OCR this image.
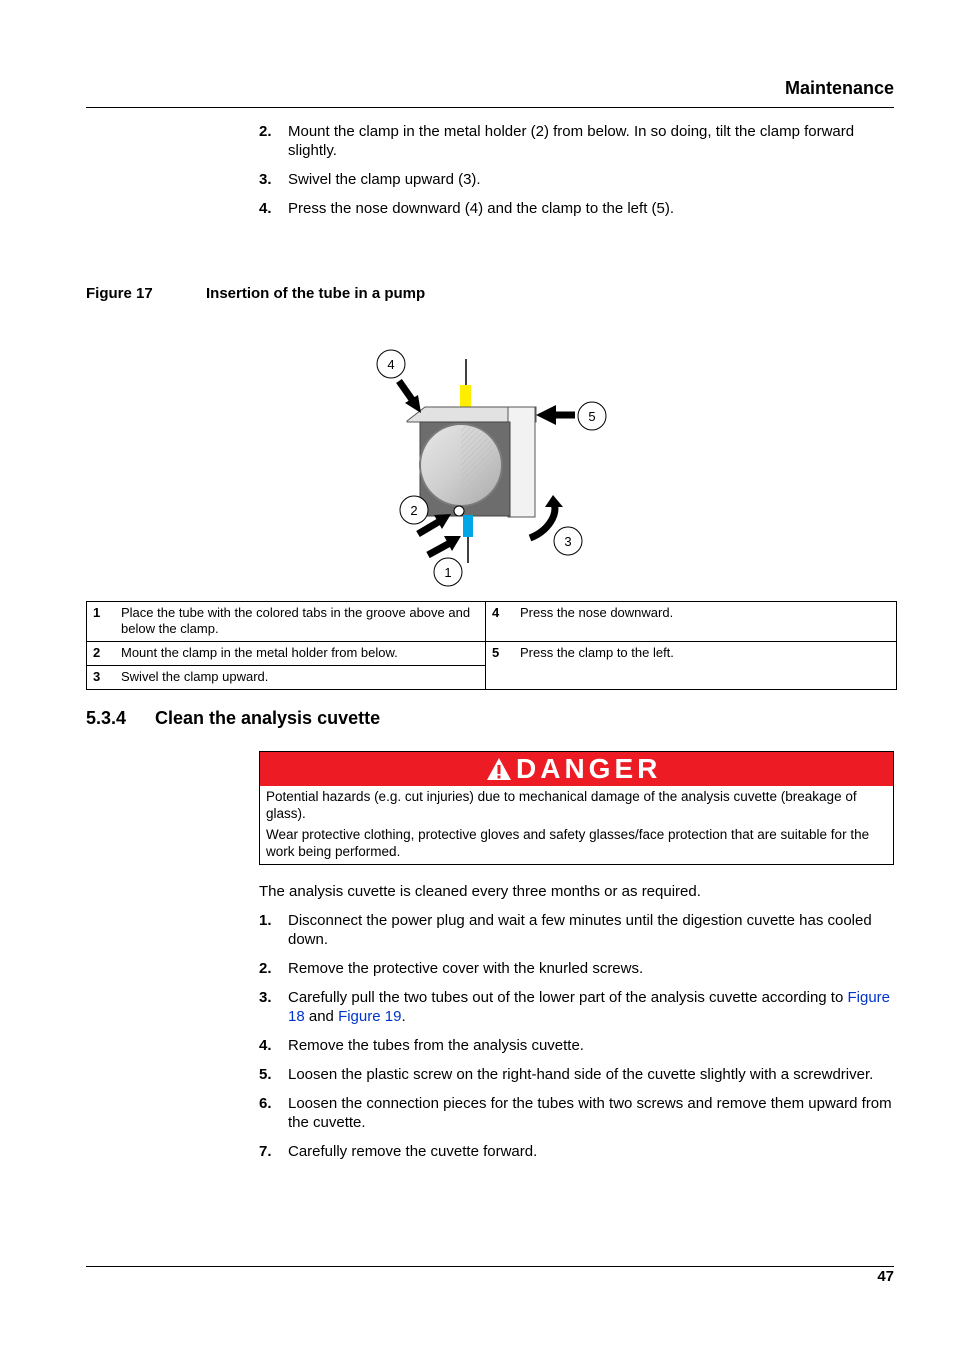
Maintenance
2.	Mount the clamp in the metal holder (2) from below. In so doing, tilt the clamp forward slightly.
3.	Swivel the clamp upward (3).
4.	Press the nose downward (4) and the clamp to the left (5).
Figure 17	Insertion of the tube in a pump
4
5
2
3
1
1	Place the tube with the colored tabs in the groove above and below the clamp.	4	Press the nose downward.
2	Mount the clamp in the metal holder from below.	5	Press the clamp to the left.
3	Swivel the clamp upward.		
5.3.4 Clean the analysis cuvette
DANGER

Potential hazards (e.g. cut injuries) due to mechanical damage of the analysis cuvette (breakage of glass).

Wear protective clothing, protective gloves and safety glasses/face protection that are suitable for the work being performed.

The analysis cuvette is cleaned every three months or as required.
1.	Disconnect the power plug and wait a few minutes until the digestion cuvette has cooled down.
2.	Remove the protective cover with the knurled screws.
3.	Carefully pull the two tubes out of the lower part of the analysis cuvette according to Figure 18 and Figure 19.
4.	Remove the tubes from the analysis cuvette.
5.	Loosen the plastic screw on the right-hand side of the cuvette slightly with a screwdriver.
6.	Loosen the connection pieces for the tubes with two screws and remove them upward from the cuvette.
7.	Carefully remove the cuvette forward.
47
